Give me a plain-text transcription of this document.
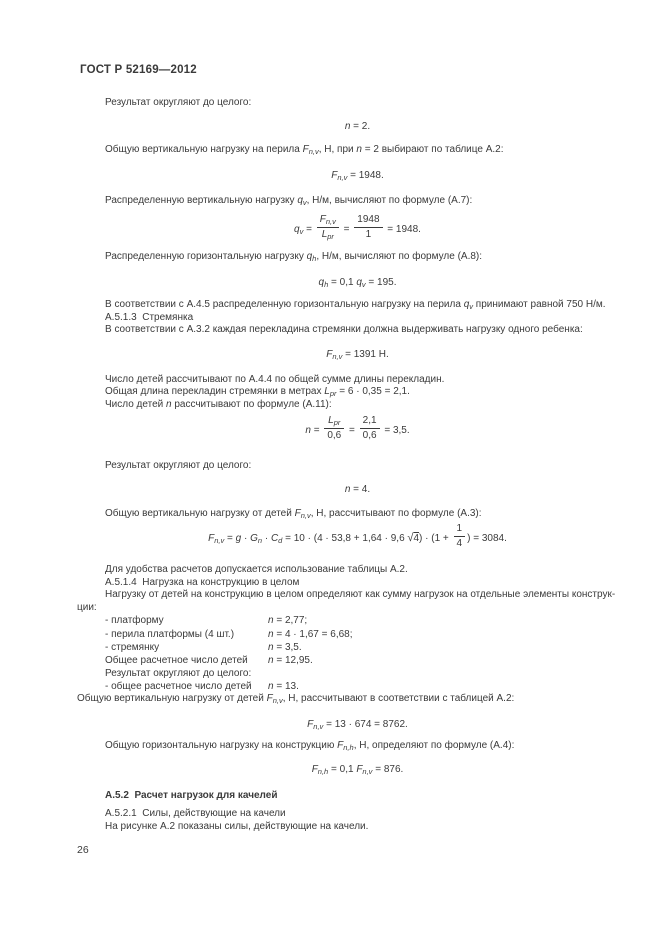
ГОСТ Р 52169—2012
Результат округляют до целого:
n = 2.
Общую вертикальную нагрузку на перила $F_{n,v}$, Н, при n = 2 выбирают по таблице А.2:
$F_{n,v} = 1948$.
Распределенную вертикальную нагрузку $q_v$, Н/м, вычисляют по формуле (А.7):
$q_v = \frac{F_{n,v}}{L_{pr}} = \frac{1948}{1} = 1948$.
Распределенную горизонтальную нагрузку $q_h$, Н/м, вычисляют по формуле (А.8):
$q_h = 0,1$ $q_v = 195$.
В соответствии с А.4.5 распределенную горизонтальную нагрузку на перила $q_v$ принимают равной 750 Н/м.
А.5.1.3  Стремянка
В соответствии с А.3.2 каждая перекладина стремянки должна выдерживать нагрузку одного ребенка:
$F_{n,v} = 1391$ Н.
Число детей рассчитывают по А.4.4 по общей сумме длины перекладин.
Общая длина перекладин стремянки в метрах $L_{pr} = 6 \cdot 0,35 = 2,1$.
Число детей n рассчитывают по формуле (А.11):
$n = \frac{L_{pr}}{0,6} = \frac{2,1}{0,6} = 3,5$.
Результат округляют до целого:
n = 4.
Общую вертикальную нагрузку от детей $F_{n,v}$, Н, рассчитывают по формуле (А.3):
$F_{n,v} = g \cdot G_n \cdot C_d = 10 \cdot (4 \cdot 53,8 + 1,64 \cdot 9,6$ $√4) \cdot (1 + \frac{1}{4}$ ) = 3084.
Для удобства расчетов допускается использование таблицы А.2.
А.5.1.4  Нагрузка на конструкцию в целом
Нагрузку от детей на конструкцию в целом определяют как сумму нагрузок на отдельные элементы конструк-
ции:
- платформу	n = 2,77;
- перила платформы (4 шт.)	n = 4 · 1,67 = 6,68;
- стремянку	n = 3,5.
Общее расчетное число детей	n = 12,95.
Результат округляют до целого:
- общее расчетное число детей	n = 13.
Общую вертикальную нагрузку от детей $F_{n,v}$, Н, рассчитывают в соответствии с таблицей А.2:
$F_{n,v} = 13 \cdot 674 = 8762$.
Общую горизонтальную нагрузку на конструкцию $F_{n,h}$, Н, определяют по формуле (А.4):
$F_{n,h} = 0,1$ $F_{n,v} = 876$.
А.5.2  Расчет нагрузок для качелей
А.5.2.1  Силы, действующие на качели
На рисунке А.2 показаны силы, действующие на качели.
26
